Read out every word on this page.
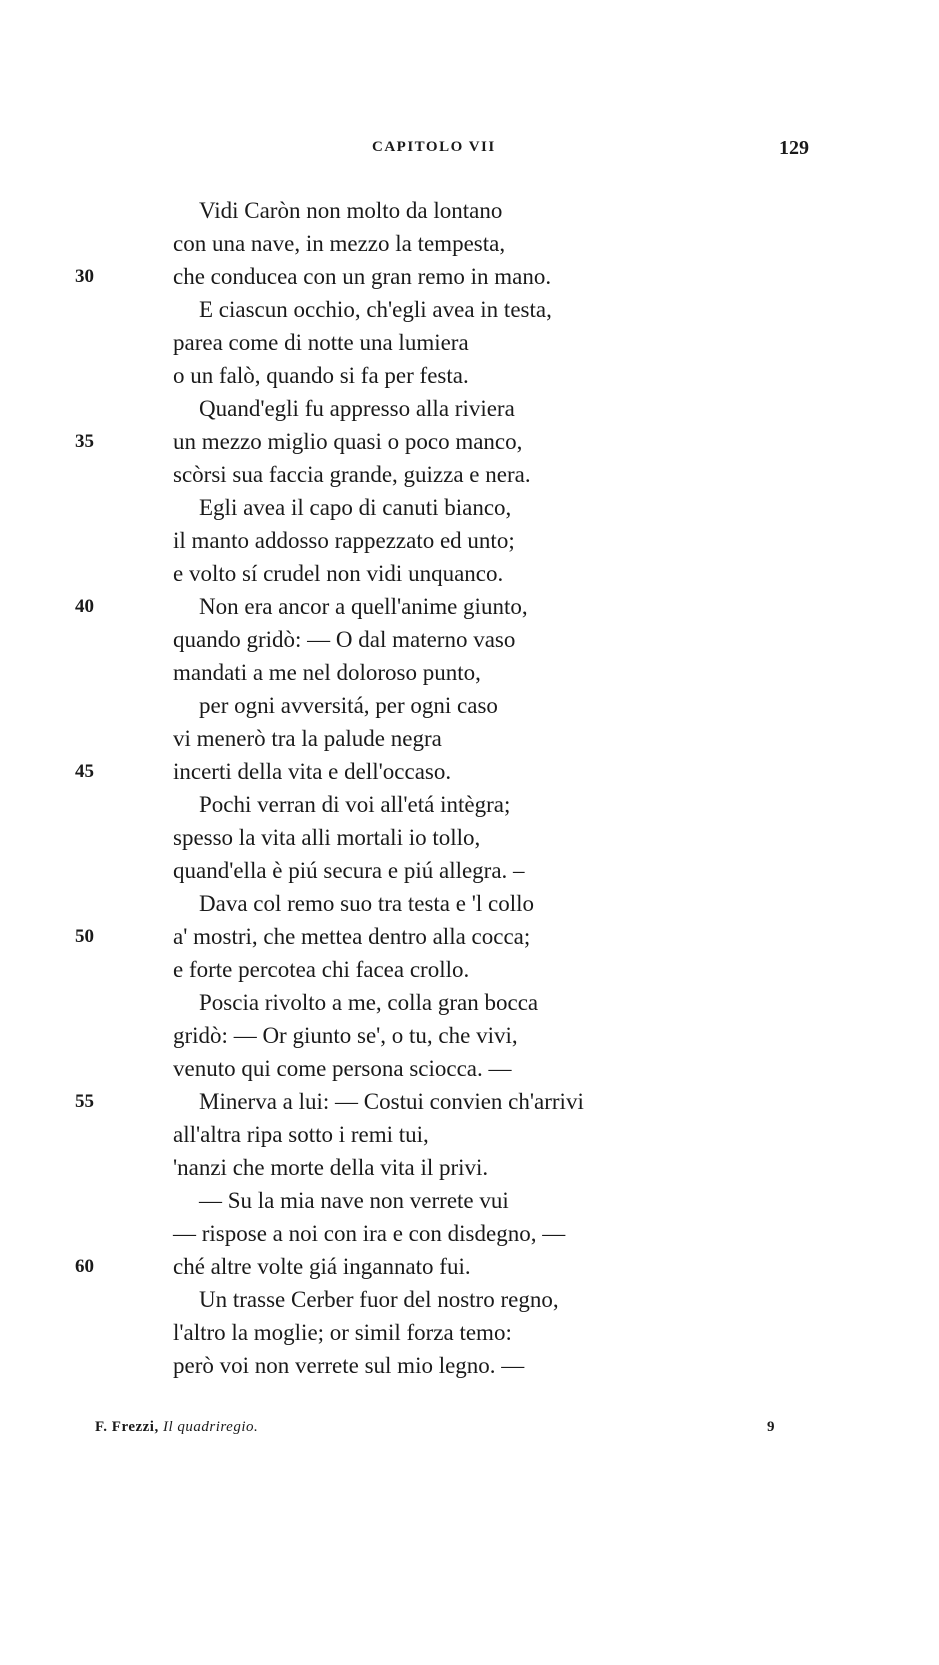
CAPITOLO VII	129
Vidi Caròn non molto da lontano
con una nave, in mezzo la tempesta,
30	che conducea con un gran remo in mano.
E ciascun occhio, ch'egli avea in testa,
parea come di notte una lumiera
o un falò, quando si fa per festa.
Quand'egli fu appresso alla riviera
35	un mezzo miglio quasi o poco manco,
scòrsi sua faccia grande, guizza e nera.
Egli avea il capo di canuti bianco,
il manto addosso rappezzato ed unto;
e volto sí crudel non vidi unquanco.
40	Non era ancor a quell'anime giunto,
quando gridò: — O dal materno vaso
mandati a me nel doloroso punto,
per ogni avversitá, per ogni caso
vi menerò tra la palude negra
45	incerti della vita e dell'occaso.
Pochi verran di voi all'etá intègra;
spesso la vita alli mortali io tollo,
quand'ella è piú secura e piú allegra. –
Dava col remo suo tra testa e 'l collo
50	a' mostri, che mettea dentro alla cocca;
e forte percotea chi facea crollo.
Poscia rivolto a me, colla gran bocca
gridò: — Or giunto se', o tu, che vivi,
venuto qui come persona sciocca. —
55	Minerva a lui: — Costui convien ch'arrivi
all'altra ripa sotto i remi tui,
'nanzi che morte della vita il privi.
— Su la mia nave non verrete vui
— rispose a noi con ira e con disdegno, —
60	ché altre volte giá ingannato fui.
Un trasse Cerber fuor del nostro regno,
l'altro la moglie; or simil forza temo:
però voi non verrete sul mio legno. —
F. Frezzi, Il quadriregio.	9
